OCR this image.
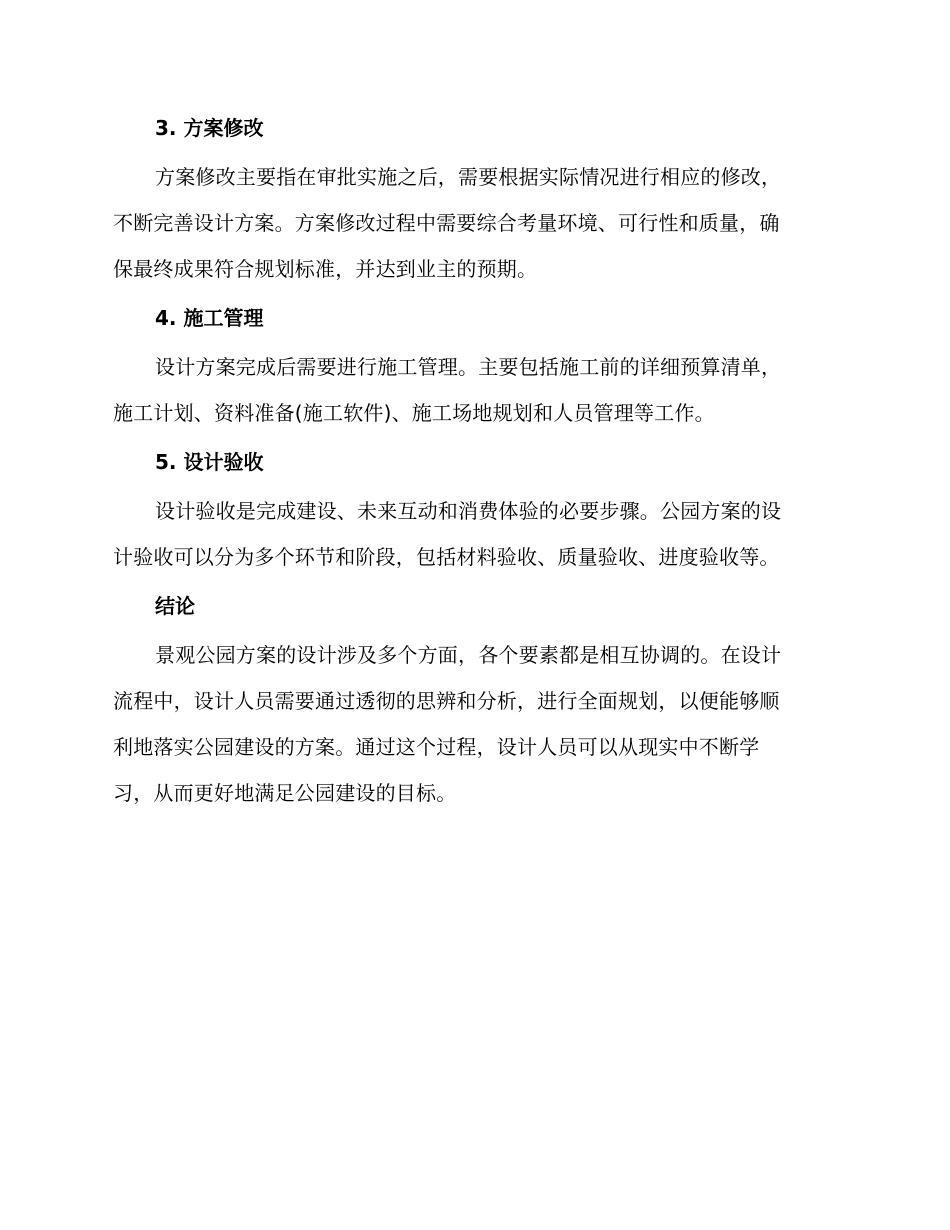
3. 方案修改
方案修改主要指在审批实施之后，需要根据实际情况进行相应的修改，
不断完善设计方案。方案修改过程中需要综合考量环境、可行性和质量，确
保最终成果符合规划标准，并达到业主的预期。
4. 施工管理
设计方案完成后需要进行施工管理。主要包括施工前的详细预算清单，
施工计划、资料准备(施工软件)、施工场地规划和人员管理等工作。
5. 设计验收
设计验收是完成建设、未来互动和消费体验的必要步骤。公园方案的设
计验收可以分为多个环节和阶段，包括材料验收、质量验收、进度验收等。
结论
景观公园方案的设计涉及多个方面，各个要素都是相互协调的。在设计
流程中，设计人员需要通过透彻的思辨和分析，进行全面规划，以便能够顺
利地落实公园建设的方案。通过这个过程，设计人员可以从现实中不断学
习，从而更好地满足公园建设的目标。
